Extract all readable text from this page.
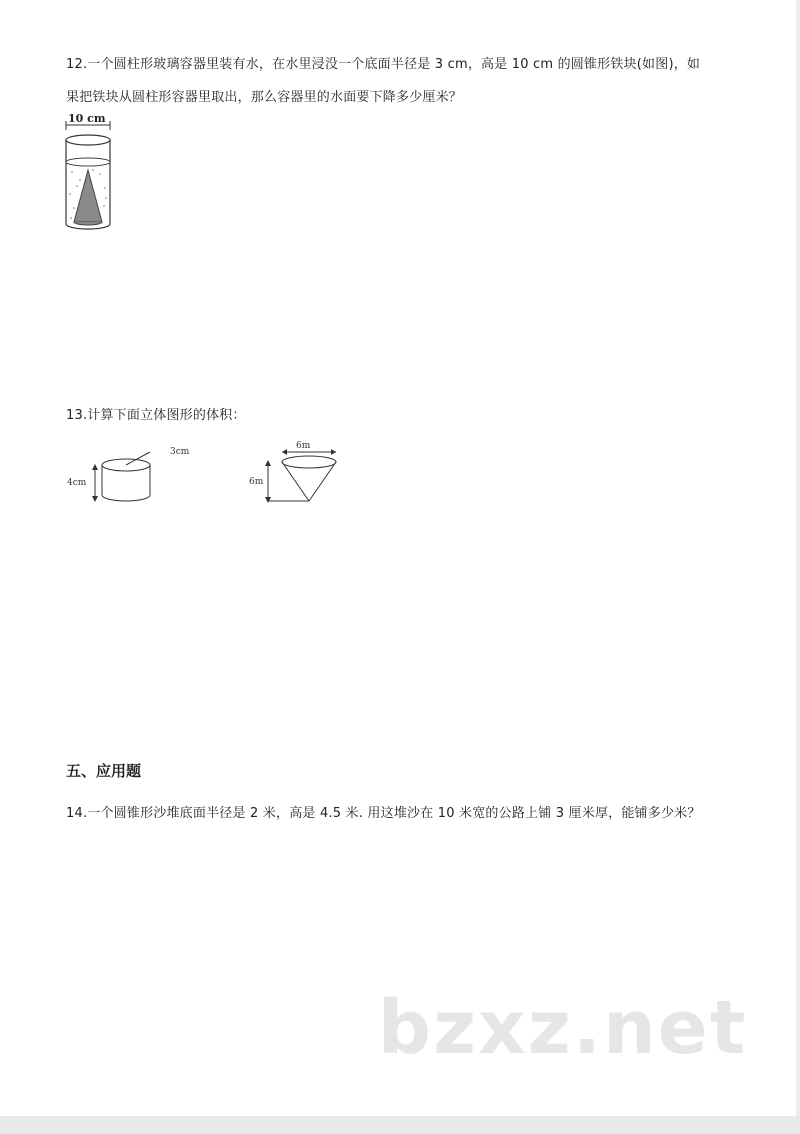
12.一个圆柱形玻璃容器里装有水，在水里浸没一个底面半径是 3 cm，高是 10 cm 的圆锥形铁块(如图)，如
果把铁块从圆柱形容器里取出，那么容器里的水面要下降多少厘米？
10 cm
13.计算下面立体图形的体积：
4cm
3cm
6m
6m
五、应用题
14.一个圆锥形沙堆底面半径是 2 米，高是 4.5 米. 用这堆沙在 10 米宽的公路上铺 3 厘米厚，能铺多少米？
bzxz.net
